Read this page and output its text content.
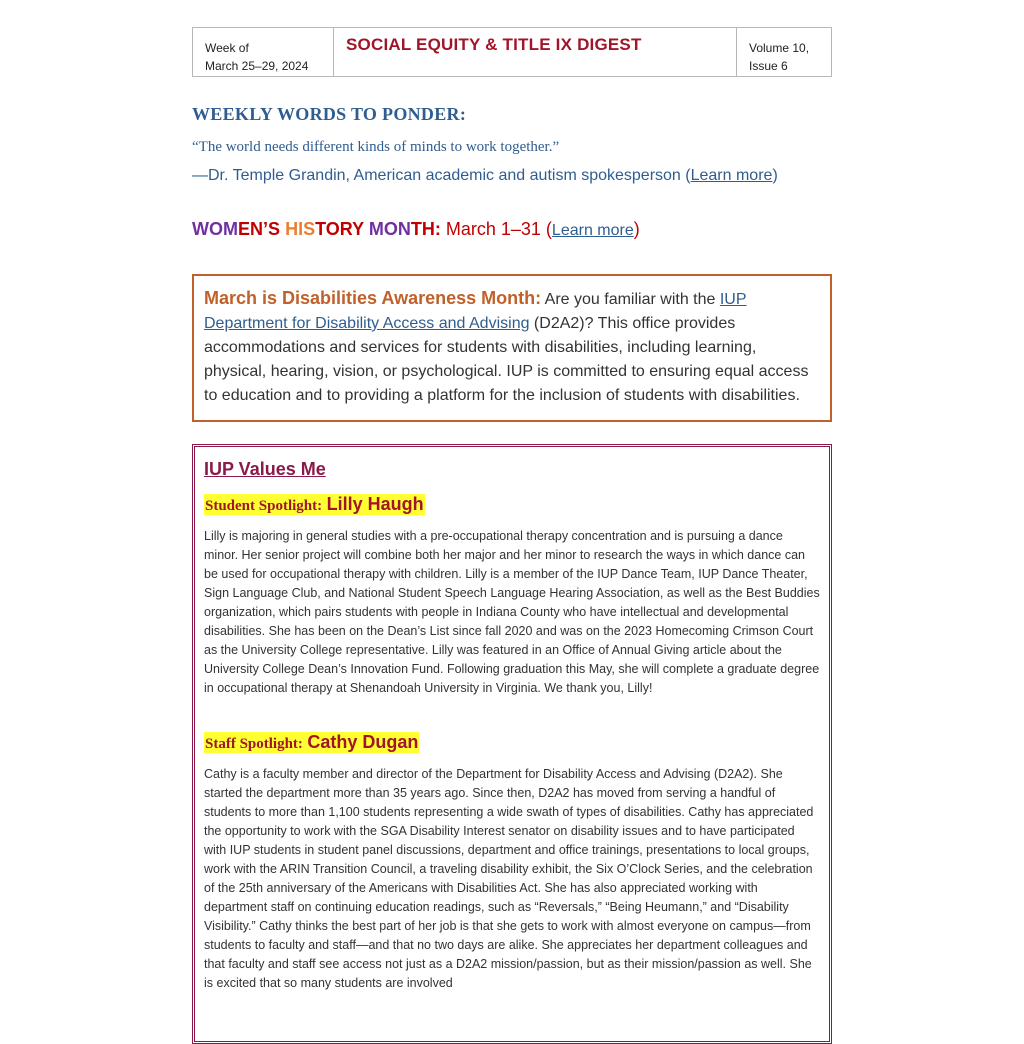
Week of
March 25–29, 2024
SOCIAL EQUITY & TITLE IX DIGEST	Volume 10,
Issue 6
WEEKLY WORDS TO PONDER:
“The world needs different kinds of minds to work together.”
—Dr. Temple Grandin, American academic and autism spokesperson (Learn more)
WOMEN’S HISTORY MONTH: March 1–31 (Learn more)
March is Disabilities Awareness Month: Are you familiar with the IUP Department for Disability Access and Advising (D2A2)? This office provides accommodations and services for students with disabilities, including learning, physical, hearing, vision, or psychological. IUP is committed to ensuring equal access to education and to providing a platform for the inclusion of students with disabilities.
IUP Values Me
Student Spotlight: Lilly Haugh
Lilly is majoring in general studies with a pre-occupational therapy concentration and is pursuing a dance minor. Her senior project will combine both her major and her minor to research the ways in which dance can be used for occupational therapy with children. Lilly is a member of the IUP Dance Team, IUP Dance Theater, Sign Language Club, and National Student Speech Language Hearing Association, as well as the Best Buddies organization, which pairs students with people in Indiana County who have intellectual and developmental disabilities. She has been on the Dean’s List since fall 2020 and was on the 2023 Homecoming Crimson Court as the University College representative. Lilly was featured in an Office of Annual Giving article about the University College Dean’s Innovation Fund. Following graduation this May, she will complete a graduate degree in occupational therapy at Shenandoah University in Virginia. We thank you, Lilly!
Staff Spotlight: Cathy Dugan
Cathy is a faculty member and director of the Department for Disability Access and Advising (D2A2). She started the department more than 35 years ago. Since then, D2A2 has moved from serving a handful of students to more than 1,100 students representing a wide swath of types of disabilities. Cathy has appreciated the opportunity to work with the SGA Disability Interest senator on disability issues and to have participated with IUP students in student panel discussions, department and office trainings, presentations to local groups, work with the ARIN Transition Council, a traveling disability exhibit, the Six O’Clock Series, and the celebration of the 25th anniversary of the Americans with Disabilities Act. She has also appreciated working with department staff on continuing education readings, such as “Reversals,” “Being Heumann,” and “Disability Visibility.” Cathy thinks the best part of her job is that she gets to work with almost everyone on campus—from students to faculty and staff—and that no two days are alike. She appreciates her department colleagues and that faculty and staff see access not just as a D2A2 mission/passion, but as their mission/passion as well. She is excited that so many students are involved
